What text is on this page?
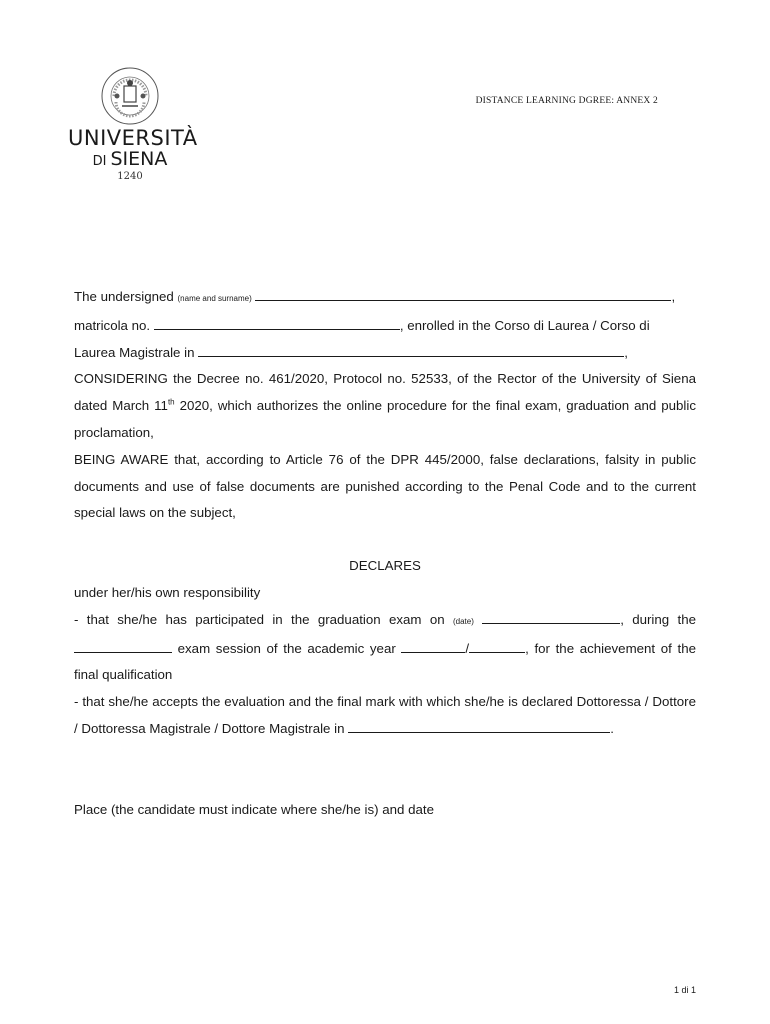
UNIVERSITÀ
DI SIENA
1240
DISTANCE LEARNING DGREE: ANNEX 2

The undersigned (name and surname)	,

matricola no.	, enrolled in the Corso di Laurea / Corso di

Laurea Magistrale in	,

CONSIDERING the Decree no. 461/2020, Protocol no. 52533, of the Rector of the University of Siena dated March 11th 2020, which authorizes the online procedure for the final exam, graduation and public proclamation,

BEING AWARE that, according to Article 76 of the DPR 445/2000, false declarations, falsity in public documents and use of false documents are punished according to the Penal Code and to the current special laws on the subject,

DECLARES

under her/his own responsibility

- that she/he has participated in the graduation exam on (date)	, during the  exam session of the academic year	/	, for the achievement of the final qualification

- that she/he accepts the evaluation and the final mark with which she/he is declared Dottoressa / Dottore / Dottoressa Magistrale / Dottore Magistrale in	.

Place (the candidate must indicate where she/he is) and date

1 di 1
